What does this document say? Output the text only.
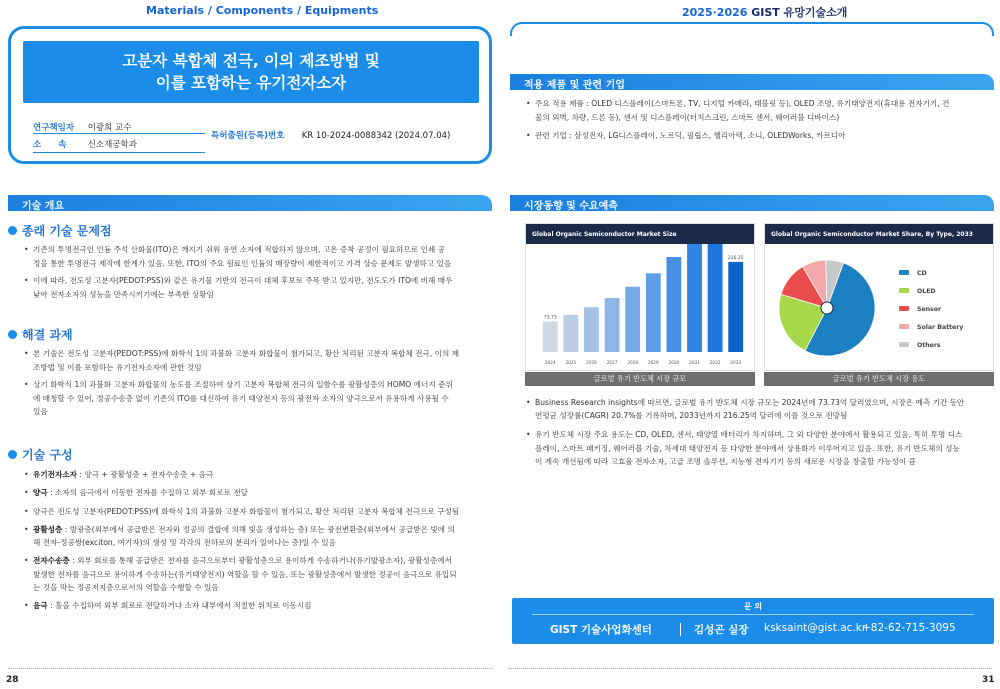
Materials / Components / Equipments
고분자 복합체 전극, 이의 제조방법 및
이를 포함하는 유기전자소자
연구책임자 이광희 교수
소　　속	신소재공학과
특허출원(등록)번호 KR 10-2024-0088342 (2024.07.04)
기술 개요
종래 기술 문제점
• 기존의 투명전극인 인듐 주석 산화물(ITO)은 깨지기 쉬워 유연 소자에 적합하지 않으며, 고온 증착 공정이 필요하므로 인쇄 공
정을 통한 투명전극 제작에 한계가 있음. 또한, ITO의 주요 원료인 인듐의 매장량이 제한적이고 가격 상승 문제도 발생하고 있음
• 이에 따라, 전도성 고분자(PEDOT:PSS)와 같은 유기물 기반의 전극이 대체 후보로 주목 받고 있지만, 전도도가 ITO에 비해 매우
낮아 전자소자의 성능을 만족시키기에는 부족한 상황임
해결 과제
• 본 기술은 전도성 고분자(PEDOT:PSS)에 화학식 1의 과불화 고분자 화합물이 첨가되고, 황산 처리된 고분자 복합체 전극, 이의 제
조방법 및 이를 포함하는 유기전자소자에 관한 것임
• 상기 화학식 1의 과불화 고분자 화합물의 농도를 조절하여 상기 고분자 복합체 전극의 일함수를 광활성층의 HOMO 에너지 준위
에 매칭할 수 있어, 정공수송층 없이 기존의 ITO를 대신하여 유기 태양전지 등의 광전자 소자의 양극으로서 유용하게 사용될 수
있음
기술 구성
• 유기전자소자 : 양극 + 광활성층 + 전자수송층 + 음극
• 양극 : 소자의 음극에서 이동한 전자를 수집하고 외부 회로로 전달
• 양극은 전도성 고분자(PEDOT:PSS)에 화학식 1의 과불화 고분자 화합물이 첨가되고, 황산 처리된 고분자 복합체 전극으로 구성됨
• 광활성층 : 발광층(외부에서 공급받은 전자와 정공의 결합에 의해 빛을 생성하는 층) 또는 광전변환층(외부에서 공급받은 빛에 의
해 전자-정공쌍(exciton, 여기자)의 생성 및 각각의 전하로의 분리가 일어나는 층)일 수 있음
• 전자수송층 : 외부 회로를 통해 공급받은 전자를 음극으로부터 광활성층으로 용이하게 수송하거나(유기발광소자), 광활성층에서
발생한 전자를 음극으로 용이하게 수송하는(유기태양전지) 역할을 할 수 있음, 또는 광활성층에서 발생한 정공이 음극으로 유입되
는 것을 막는 정공저지층으로서의 역할을 수행할 수 있음
• 음극 : 홀을 수집하여 외부 회로로 전달하거나 소자 내부에서 적절한 위치로 이동시킴
28
2025·2026 GIST 유망기술소개
적용 제품 및 관련 기업
• 주요 적용 제품 : OLED 디스플레이(스마트폰, TV, 디지털 카메라, 태블릿 등), OLED 조명, 유기태양전지(휴대용 전자기기, 건
물의 외벽, 차량, 드론 등), 센서 및 디스플레이(터치스크린, 스마트 센서, 웨어러블 디바이스)
• 관련 기업 : 삼성전자, LG디스플레이, 노르딕, 필립스, 헬리아텍, 소니, OLEDWorks, 카르디아
시장동향 및 수요예측
Global Organic Semiconductor Market Size
2024 2025 2026 2027 2028 2029 2030 2031 2032 2033
73.73
216.25
글로벌 유기 반도체 시장 규모
Global Organic Semiconductor Market Share, By Type, 2033
CD
OLED
Sensor
Solar Battery
Others
글로벌 유기 반도체 시장 용도
• Business Research insights에 따르면, 글로벌 유기 반도체 시장 규모는 2024년에 73.73억 달러였으며, 시장은 예측 기간 동안
연평균 성장률(CAGR) 20.7%를 기록하며, 2033년까지 216.25억 달러에 이를 것으로 전망됨
• 유기 반도체 시장 주요 용도는 CD, OLED, 센서, 태양열 배터리가 차지하며, 그 외 다양한 분야에서 활용되고 있음, 특히 투명 디스
플레이, 스마트 패키징, 웨어러블 기술, 차세대 태양전지 등 다양한 분야에서 상용화가 이루어지고 있음. 또한, 유기 반도체의 성능
이 계속 개선됨에 따라 고효율 전자소자, 고급 조명 솔루션, 지능형 전자기기 등의 새로운 시장을 창출할 가능성이 큼
문 의
GIST 기술사업화센터	김성곤 실장 ksksaint@gist.ac.kr
+82-62-715-3095
31
